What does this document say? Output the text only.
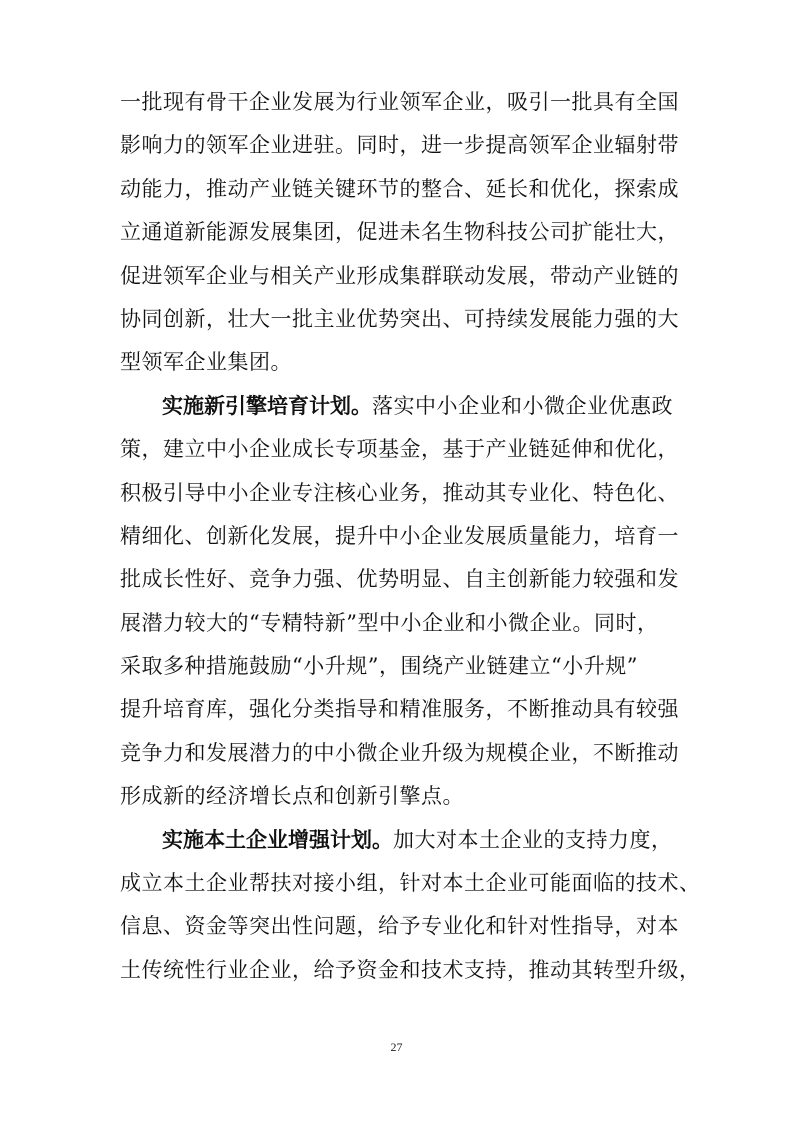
一批现有骨干企业发展为行业领军企业，吸引一批具有全国
影响力的领军企业进驻。同时，进一步提高领军企业辐射带
动能力，推动产业链关键环节的整合、延长和优化，探索成
立通道新能源发展集团，促进未名生物科技公司扩能壮大，
促进领军企业与相关产业形成集群联动发展，带动产业链的
协同创新，壮大一批主业优势突出、可持续发展能力强的大
型领军企业集团。
实施新引擎培育计划。落实中小企业和小微企业优惠政
策，建立中小企业成长专项基金，基于产业链延伸和优化，
积极引导中小企业专注核心业务，推动其专业化、特色化、
精细化、创新化发展，提升中小企业发展质量能力，培育一
批成长性好、竞争力强、优势明显、自主创新能力较强和发
展潜力较大的“专精特新”型中小企业和小微企业。同时，
采取多种措施鼓励“小升规”，围绕产业链建立“小升规”
提升培育库，强化分类指导和精准服务，不断推动具有较强
竞争力和发展潜力的中小微企业升级为规模企业，不断推动
形成新的经济增长点和创新引擎点。
实施本土企业增强计划。加大对本土企业的支持力度，
成立本土企业帮扶对接小组，针对本土企业可能面临的技术、
信息、资金等突出性问题，给予专业化和针对性指导，对本
土传统性行业企业，给予资金和技术支持，推动其转型升级，
27
